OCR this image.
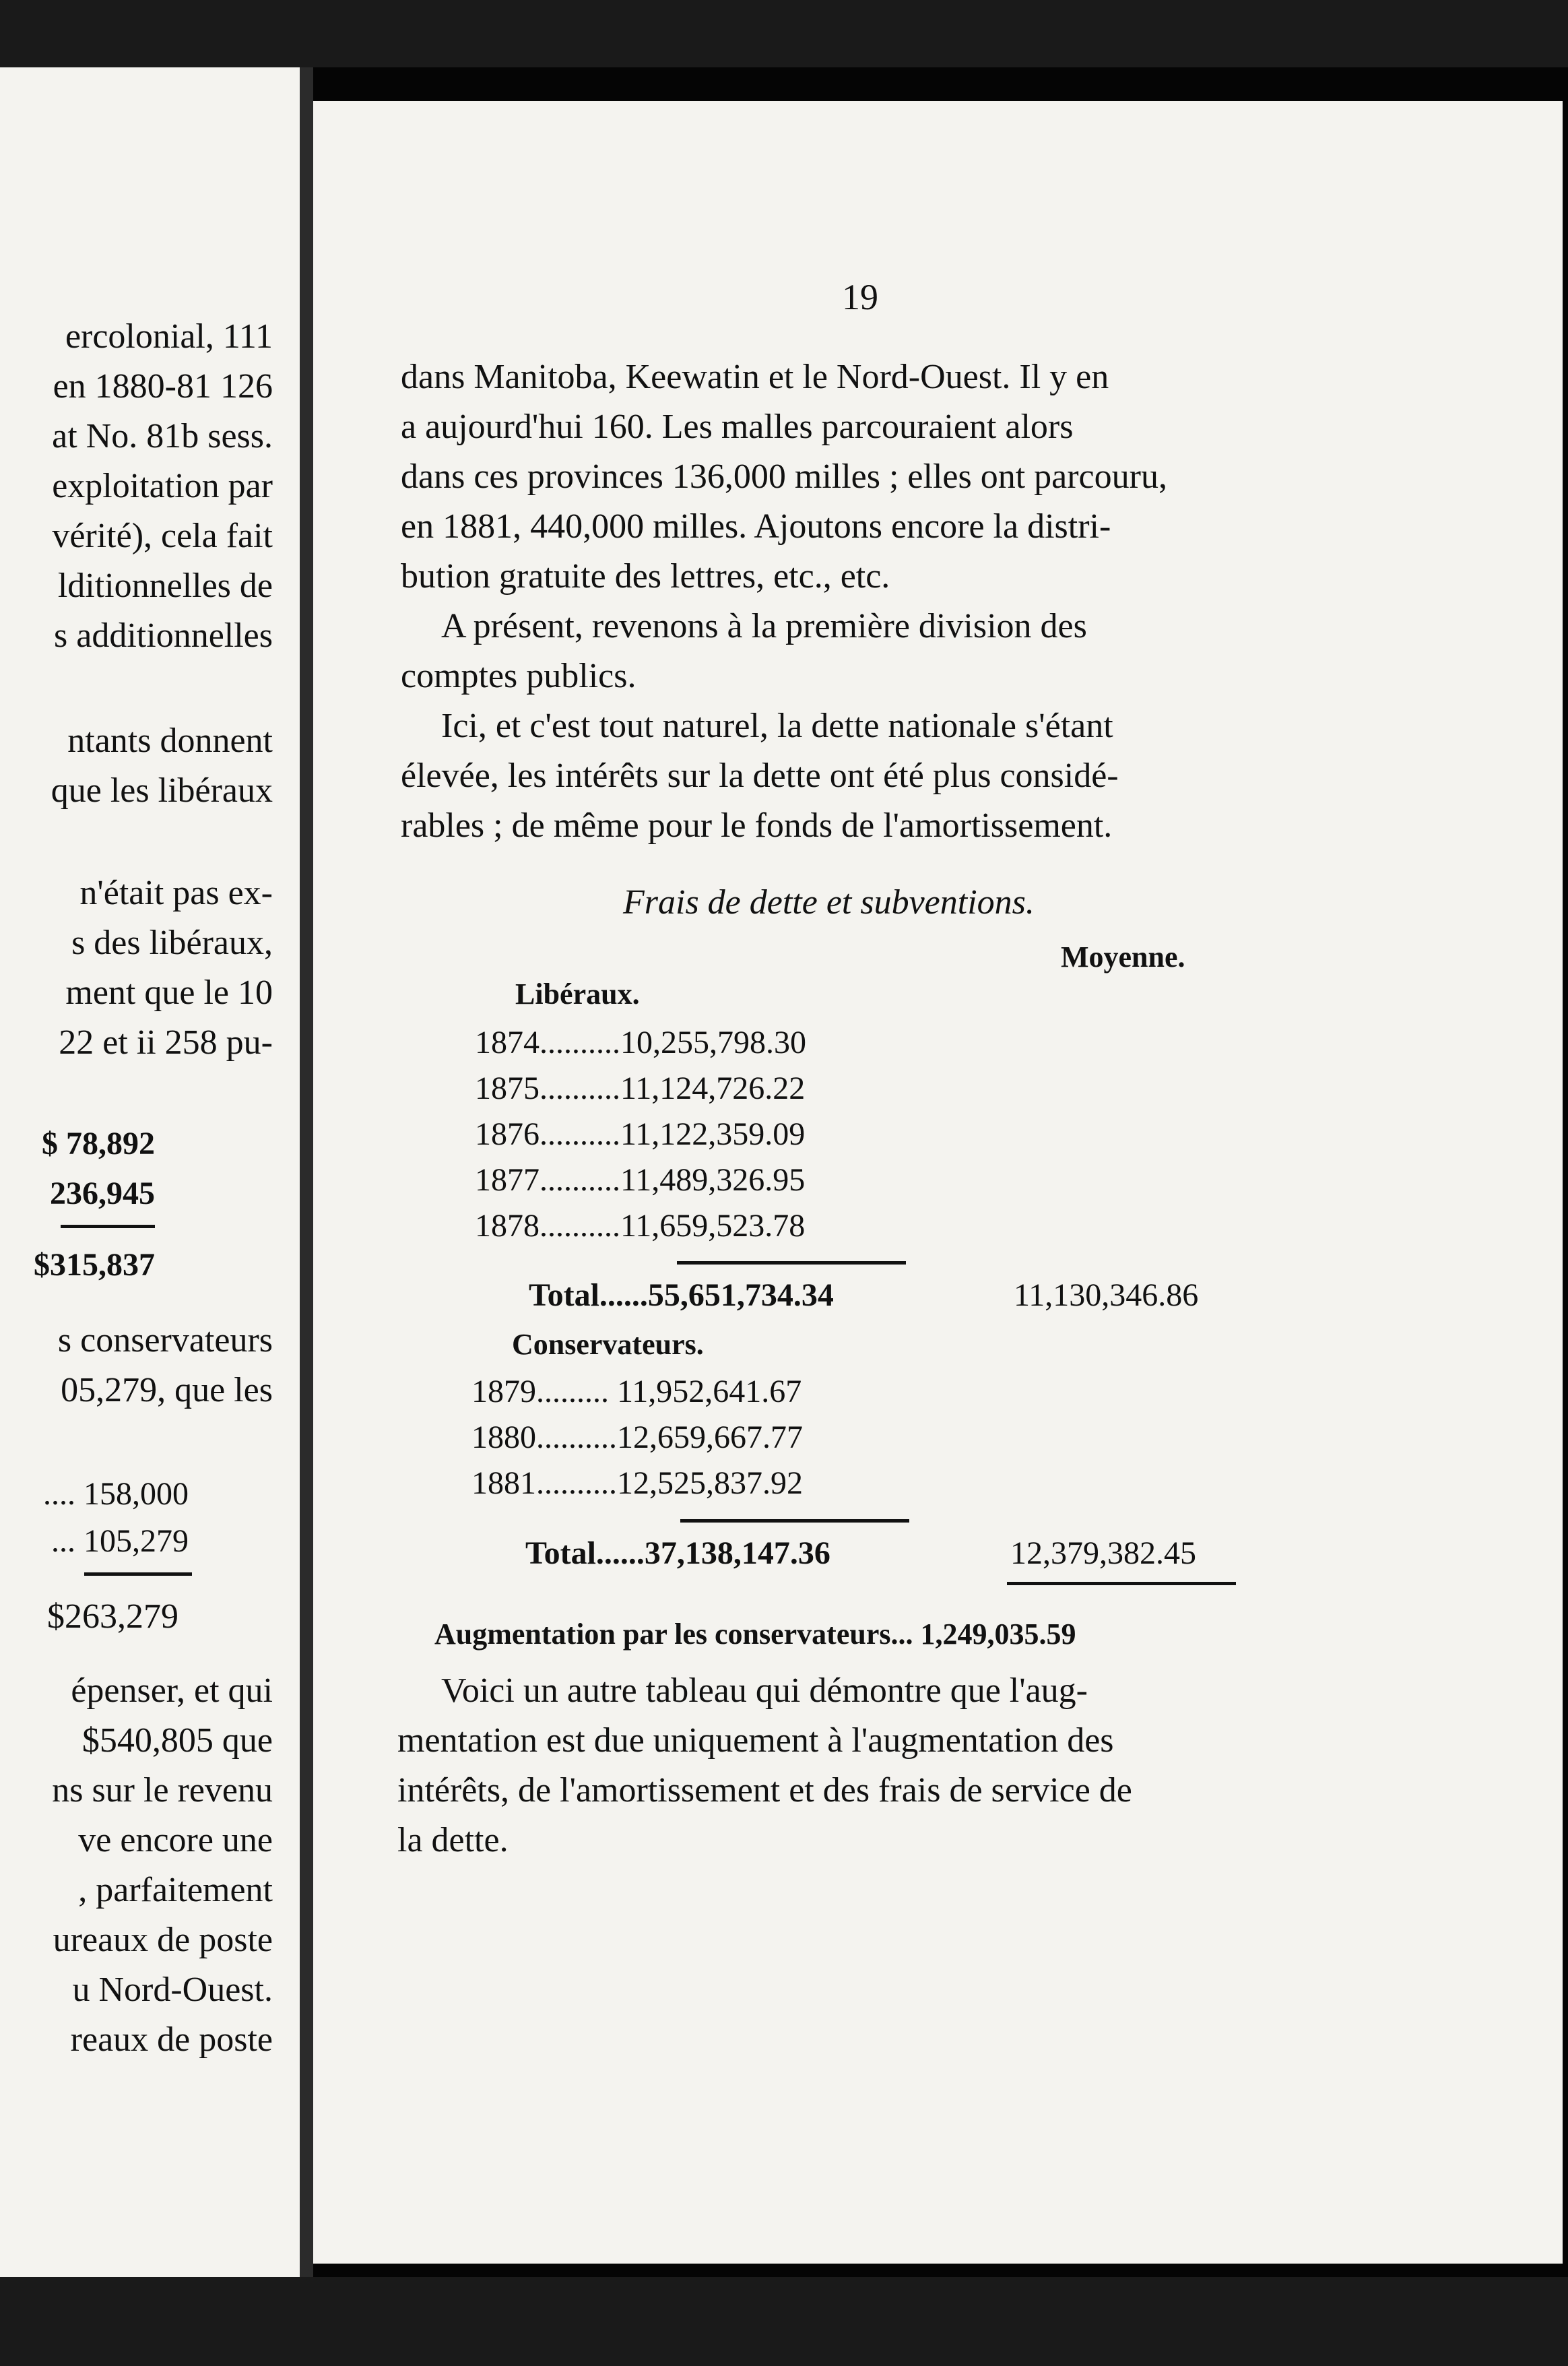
ercolonial, 111
en 1880-81 126
at No. 81b sess.
exploitation par
vérité), cela fait
lditionnelles de
s additionnelles
ntants donnent
que les libéraux
n'était pas ex-
s des libéraux,
ment que le 10
22 et ii 258 pu-
$ 78,892
236,945
$315,837
s conservateurs
05,279, que les
.... 158,000
... 105,279
$263,279
épenser, et qui
$540,805 que
ns sur le revenu
ve encore une
, parfaitement
ureaux de poste
u Nord-Ouest.
reaux de poste
19
dans Manitoba, Keewatin et le Nord-Ouest. Il y en
a aujourd'hui 160. Les malles parcouraient alors
dans ces provinces 136,000 milles ; elles ont parcouru,
en 1881, 440,000 milles. Ajoutons encore la distri-
bution gratuite des lettres, etc., etc.
A présent, revenons à la première division des
comptes publics.
Ici, et c'est tout naturel, la dette nationale s'étant
élevée, les intérêts sur la dette ont été plus considé-
rables ; de même pour le fonds de l'amortissement.
Frais de dette et subventions.
Moyenne.
Libéraux.
1874..........10,255,798.30
1875..........11,124,726.22
1876..........11,122,359.09
1877..........11,489,326.95
1878..........11,659,523.78
Total......55,651,734.34	11,130,346.86
Conservateurs.
1879......... 11,952,641.67
1880..........12,659,667.77
1881..........12,525,837.92
Total......37,138,147.36	12,379,382.45
Augmentation par les conservateurs... 1,249,035.59
Voici un autre tableau qui démontre que l'aug-
mentation est due uniquement à l'augmentation des
intérêts, de l'amortissement et des frais de service de
la dette.
